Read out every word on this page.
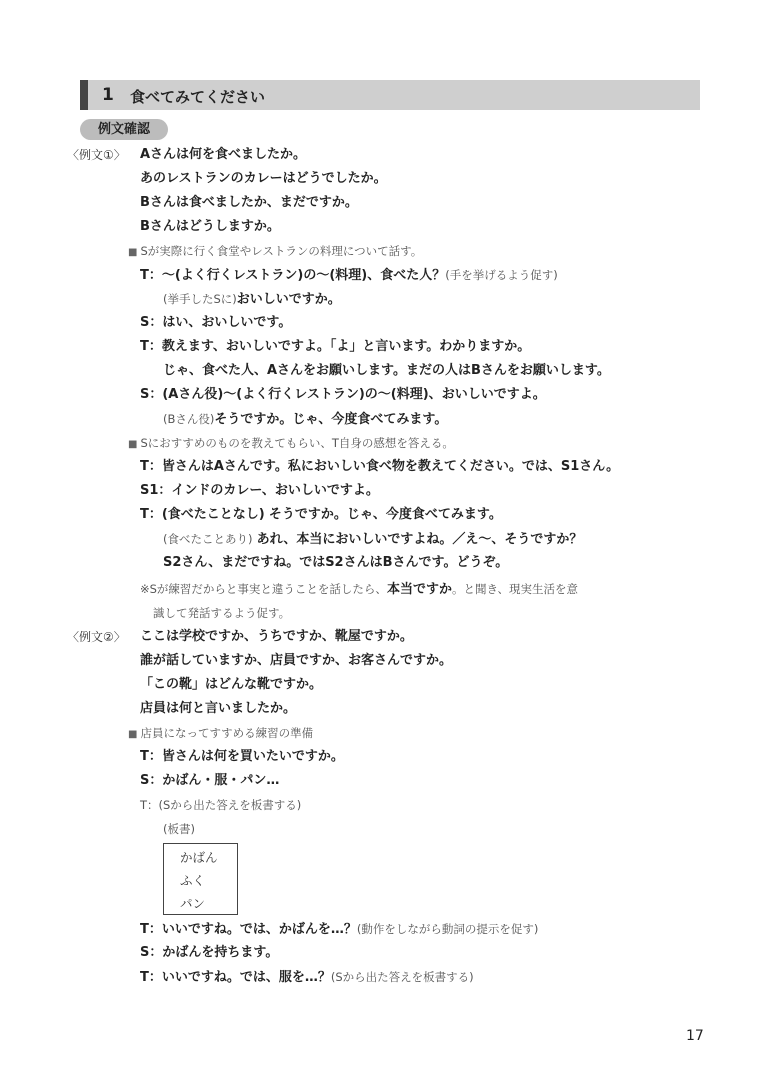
1 食べてみてください
例文確認
〈例文①〉 Aさんは何を食べましたか。
あのレストランのカレーはどうでしたか。
Bさんは食べましたか、まだですか。
Bさんはどうしますか。
■ Sが実際に行く食堂やレストランの料理について話す。
T：〜(よく行くレストラン)の〜(料理)、食べた人？(手を挙げるよう促す)
(挙手したSに)おいしいですか。
S：はい、おいしいです。
T：教えます、おいしいですよ。「よ」と言います。わかりますか。
じゃ、食べた人、Aさんをお願いします。まだの人はBさんをお願いします。
S：(Aさん役)〜(よく行くレストラン)の〜(料理)、おいしいですよ。
(Bさん役)そうですか。じゃ、今度食べてみます。
■ Sにおすすめのものを教えてもらい、T自身の感想を答える。
T：皆さんはAさんです。私においしい食べ物を教えてください。では、S1さん。
S1：インドのカレー、おいしいですよ。
T：(食べたことなし) そうですか。じゃ、今度食べてみます。
(食べたことあり) あれ、本当においしいですよね。／え〜、そうですか？
S2さん、まだですね。ではS2さんはBさんです。どうぞ。
※Sが練習だからと事実と違うことを話したら、本当ですか。と聞き、現実生活を意
識して発話するよう促す。
〈例文②〉 ここは学校ですか、うちですか、靴屋ですか。
誰が話していますか、店員ですか、お客さんですか。
「この靴」はどんな靴ですか。
店員は何と言いましたか。
■ 店員になってすすめる練習の準備
T：皆さんは何を買いたいですか。
S：かばん・服・パン…
T：(Sから出た答えを板書する)
(板書)
かばん
ふく
パン
T：いいですね。では、かばんを…？(動作をしながら動詞の提示を促す)
S：かばんを持ちます。
T：いいですね。では、服を…？(Sから出た答えを板書する)
17
